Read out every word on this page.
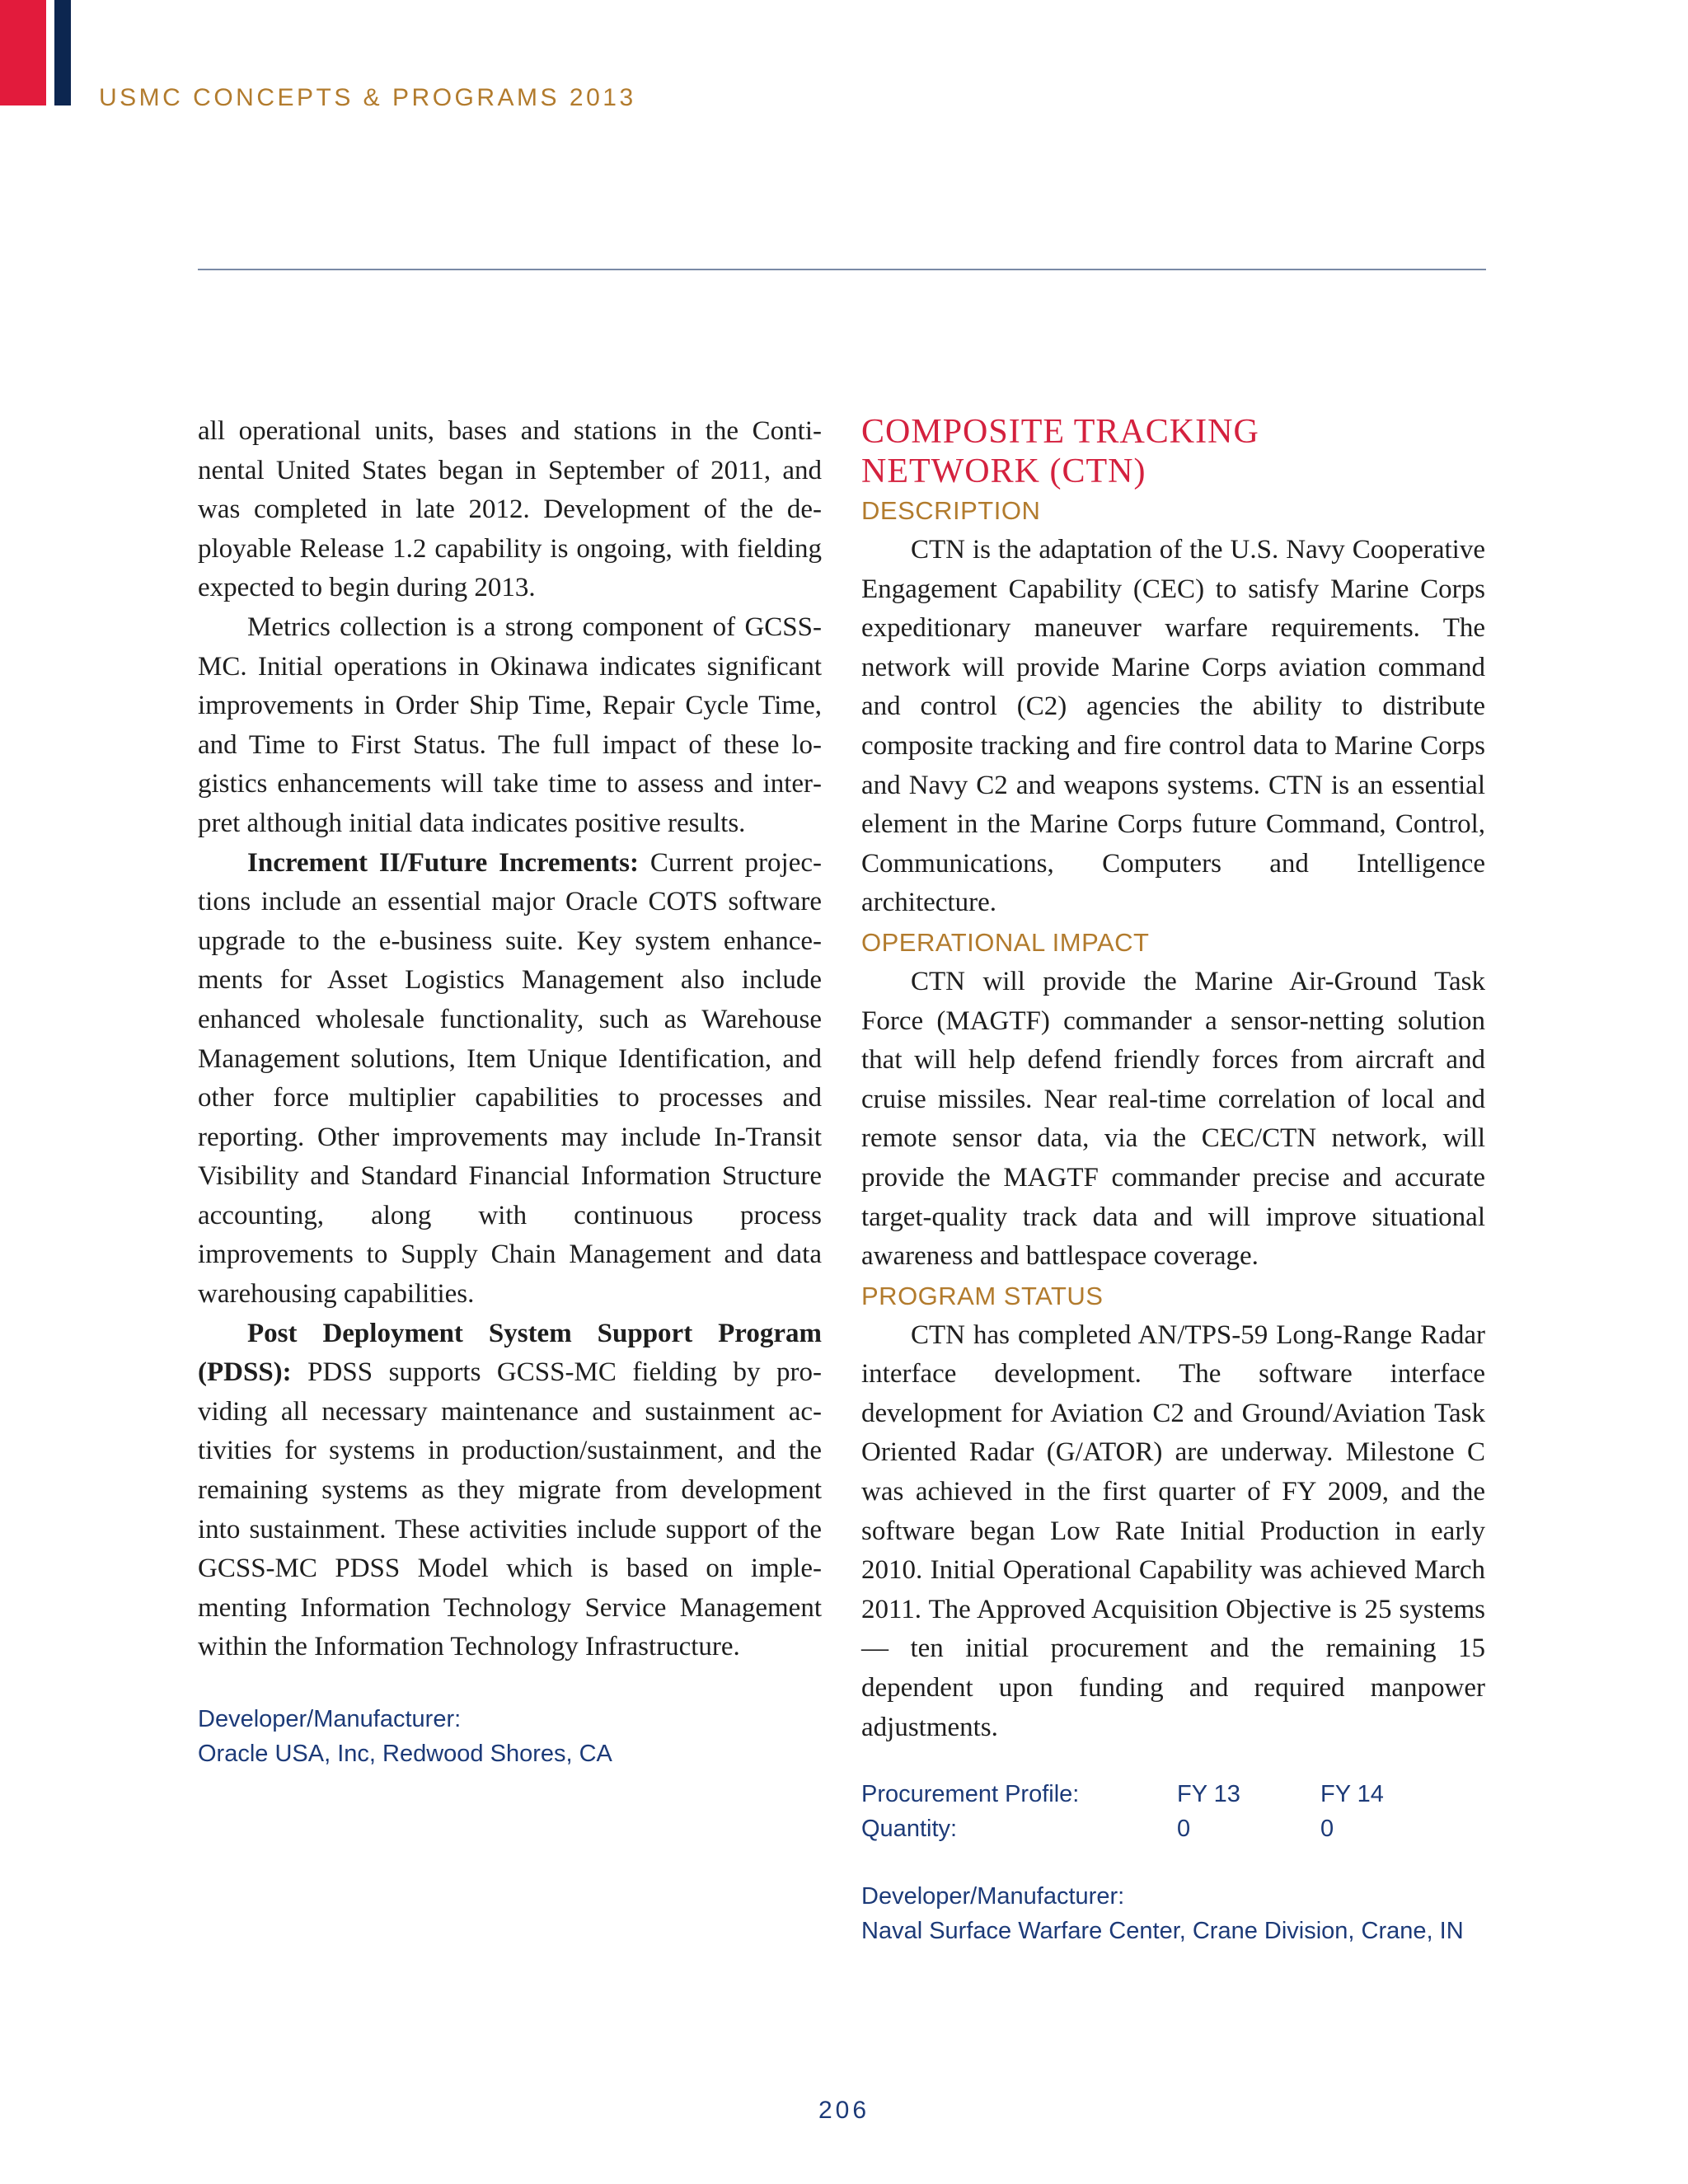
USMC CONCEPTS & PROGRAMS 2013

all operational units, bases and stations in the Continental United States began in September of 2011, and was completed in late 2012. Development of the deployable Release 1.2 capability is ongoing, with fielding expected to begin during 2013.

Metrics collection is a strong component of GCSS-MC. Initial operations in Okinawa indicates significant improvements in Order Ship Time, Repair Cycle Time, and Time to First Status. The full impact of these logistics enhancements will take time to assess and interpret although initial data indicates positive results.

Increment II/Future Increments: Current projections include an essential major Oracle COTS software upgrade to the e-business suite. Key system enhancements for Asset Logistics Management also include enhanced wholesale functionality, such as Warehouse Management solutions, Item Unique Identification, and other force multiplier capabilities to processes and reporting. Other improvements may include In-Transit Visibility and Standard Financial Information Structure accounting, along with continuous process improvements to Supply Chain Management and data warehousing capabilities.

Post Deployment System Support Program (PDSS): PDSS supports GCSS-MC fielding by providing all necessary maintenance and sustainment activities for systems in production/sustainment, and the remaining systems as they migrate from development into sustainment. These activities include support of the GCSS-MC PDSS Model which is based on implementing Information Technology Service Management within the Information Technology Infrastructure.

Developer/Manufacturer:
Oracle USA, Inc, Redwood Shores, CA
COMPOSITE TRACKING
NETWORK (CTN)
DESCRIPTION

CTN is the adaptation of the U.S. Navy Cooperative Engagement Capability (CEC) to satisfy Marine Corps expeditionary maneuver warfare requirements. The network will provide Marine Corps aviation command and control (C2) agencies the ability to distribute composite tracking and fire control data to Marine Corps and Navy C2 and weapons systems. CTN is an essential element in the Marine Corps future Command, Control, Communications, Computers and Intelligence architecture.

OPERATIONAL IMPACT

CTN will provide the Marine Air-Ground Task Force (MAGTF) commander a sensor-netting solution that will help defend friendly forces from aircraft and cruise missiles. Near real-time correlation of local and remote sensor data, via the CEC/CTN network, will provide the MAGTF commander precise and accurate target-quality track data and will improve situational awareness and battlespace coverage.

PROGRAM STATUS

CTN has completed AN/TPS-59 Long-Range Radar interface development. The software interface development for Aviation C2 and Ground/Aviation Task Oriented Radar (G/ATOR) are underway. Milestone C was achieved in the first quarter of FY 2009, and the software began Low Rate Initial Production in early 2010. Initial Operational Capability was achieved March 2011. The Approved Acquisition Objective is 25 systems — ten initial procurement and the remaining 15 dependent upon funding and required manpower adjustments.

Procurement Profile:	FY 13	FY 14
Quantity:	0	0
Developer/Manufacturer:
Naval Surface Warfare Center, Crane Division, Crane, IN
206
